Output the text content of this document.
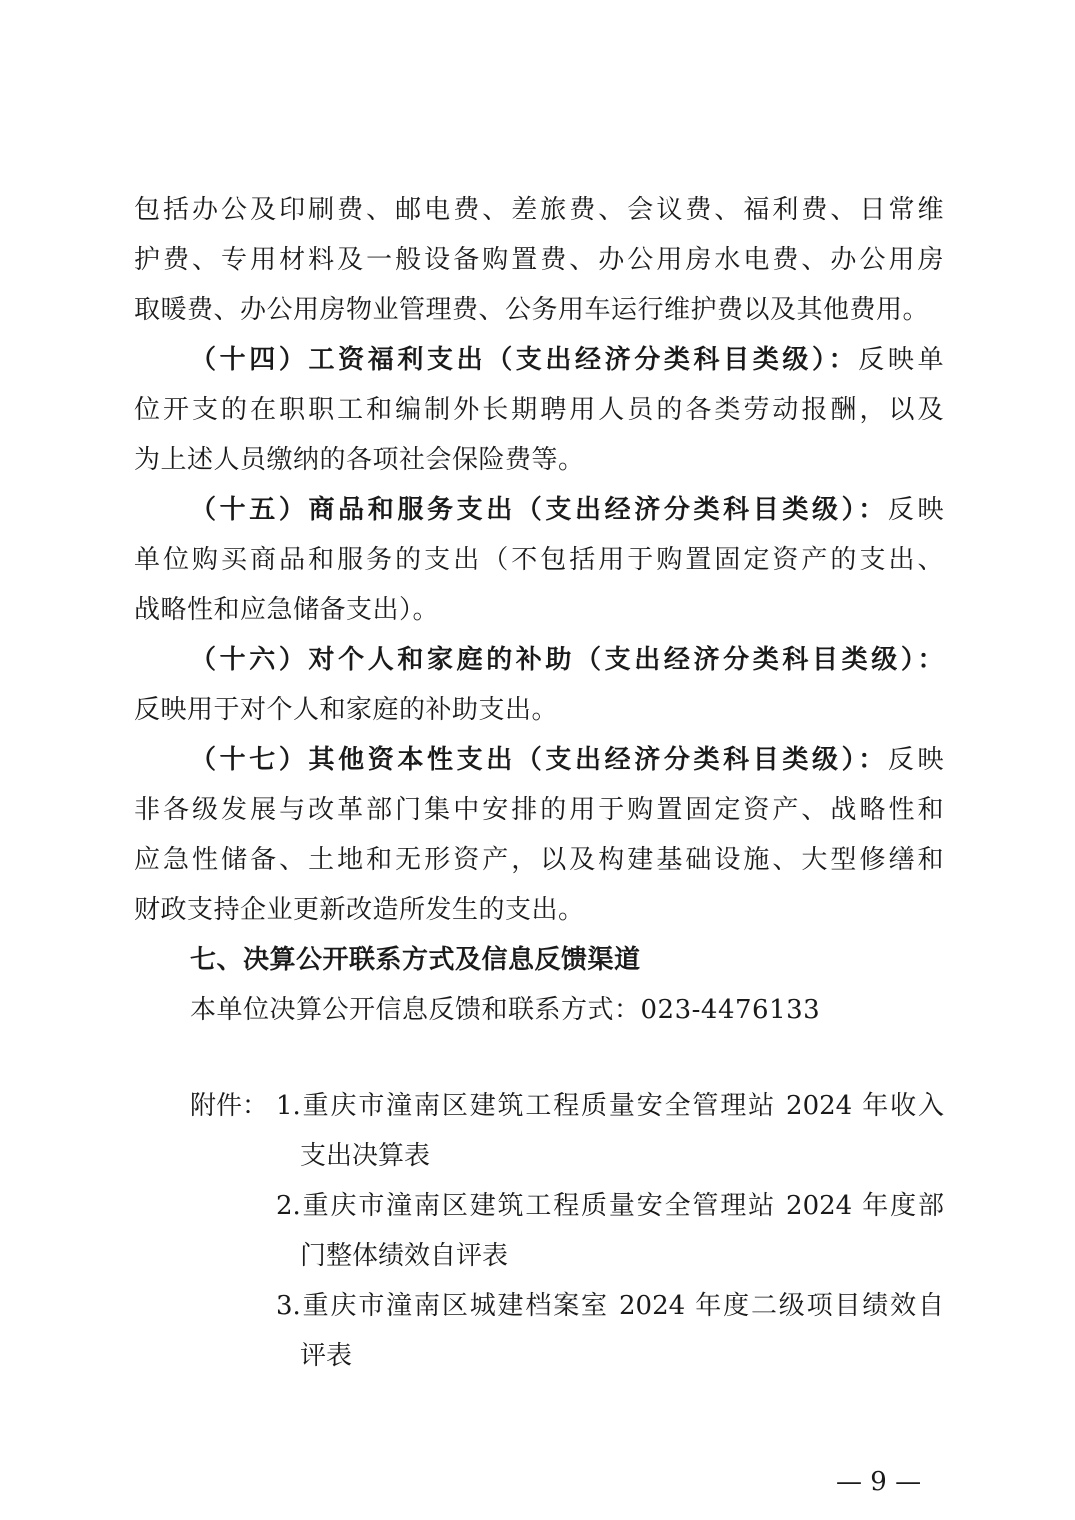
包括办公及印刷费、邮电费、差旅费、会议费、福利费、日常维
护费、专用材料及一般设备购置费、办公用房水电费、办公用房
取暖费、办公用房物业管理费、公务用车运行维护费以及其他费用。
（十四）工资福利支出（支出经济分类科目类级）：反映单
位开支的在职职工和编制外长期聘用人员的各类劳动报酬，以及
为上述人员缴纳的各项社会保险费等。
（十五）商品和服务支出（支出经济分类科目类级）：反映
单位购买商品和服务的支出（不包括用于购置固定资产的支出、
战略性和应急储备支出）。
（十六）对个人和家庭的补助（支出经济分类科目类级）：
反映用于对个人和家庭的补助支出。
（十七）其他资本性支出（支出经济分类科目类级）：反映
非各级发展与改革部门集中安排的用于购置固定资产、战略性和
应急性储备、土地和无形资产，以及构建基础设施、大型修缮和
财政支持企业更新改造所发生的支出。
七、决算公开联系方式及信息反馈渠道
本单位决算公开信息反馈和联系方式：023-4476133
附件： 1.重庆市潼南区建筑工程质量安全管理站 2024 年收入
支出决算表
2.重庆市潼南区建筑工程质量安全管理站 2024 年度部
门整体绩效自评表
3.重庆市潼南区城建档案室 2024 年度二级项目绩效自
评表
— 9 —
